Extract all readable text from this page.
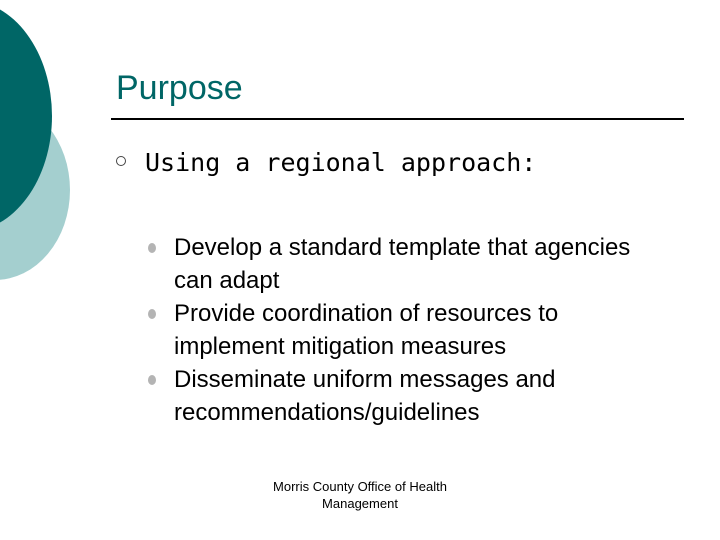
Purpose
Using a regional approach:
Develop a standard template that agencies can adapt
Provide coordination of resources to implement mitigation measures
Disseminate uniform messages and recommendations/guidelines
Morris County Office of Health Management
